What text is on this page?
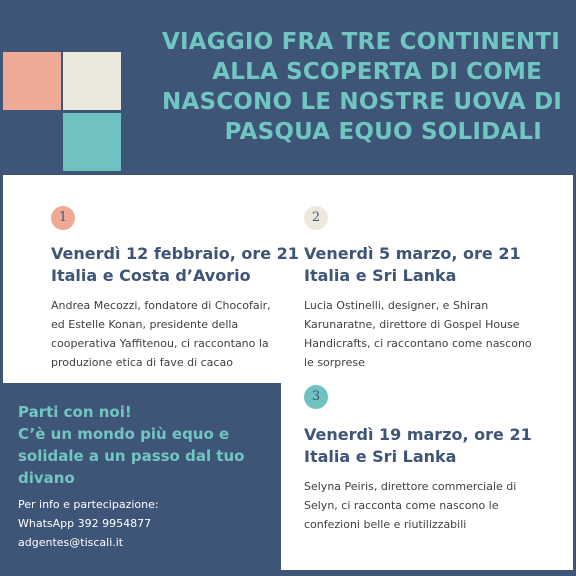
VIAGGIO FRA TRE CONTINENTI
ALLA SCOPERTA DI COME
NASCONO LE NOSTRE UOVA DI
PASQUA EQUO SOLIDALI
1
Venerdì 12 febbraio, ore 21
Italia e Costa d’Avorio
Andrea Mecozzi, fondatore di Chocofair,
ed Estelle Konan, presidente della
cooperativa Yaffitenou, ci raccontano la
produzione etica di fave di cacao
2
Venerdì 5 marzo, ore 21
Italia e Sri Lanka
Lucia Ostinelli, designer, e Shiran
Karunaratne, direttore di Gospel House
Handicrafts, ci raccontano come nascono
le sorprese
3
Venerdì 19 marzo, ore 21
Italia e Sri Lanka
Selyna Peiris, direttore commerciale di
Selyn, ci racconta come nascono le
confezioni belle e riutilizzabili
Parti con noi!
C’è un mondo più equo e
solidale a un passo dal tuo
divano
Per info e partecipazione:
WhatsApp 392 9954877
adgentes@tiscali.it
